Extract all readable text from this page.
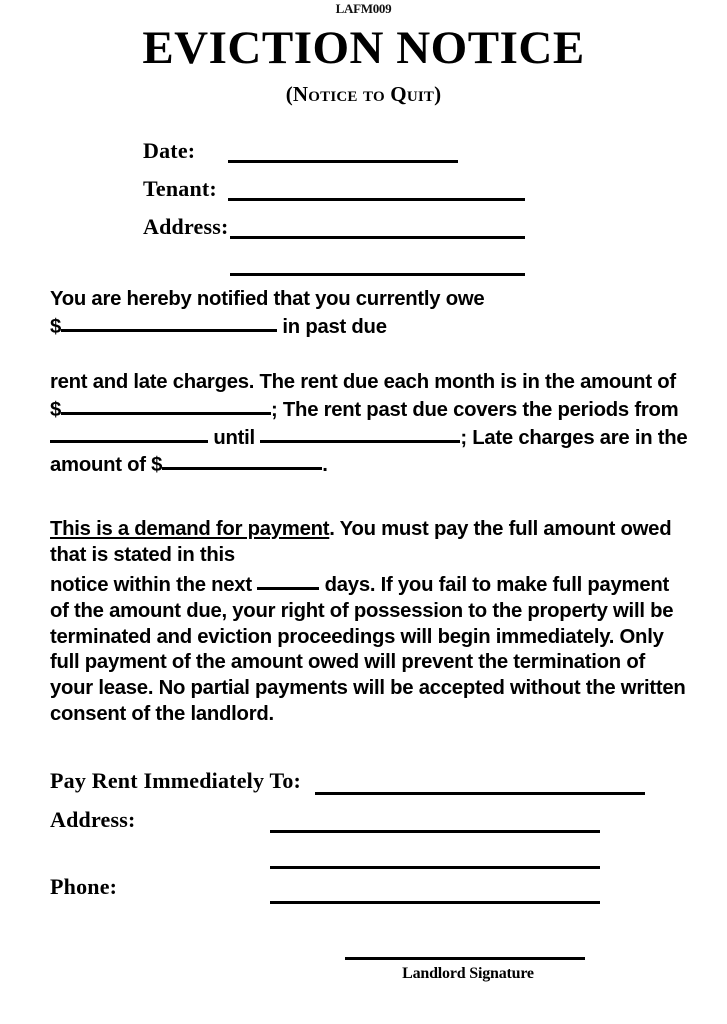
LAFM009
EVICTION NOTICE
(Notice to Quit)
Date:
Tenant:
Address:
You are hereby notified that you currently owe
$	in past due
rent and late charges. The rent due each month is in the amount of $	; The rent past due covers the periods from  until	; Late charges are in the amount of $	.
This is a demand for payment. You must pay the full amount owed that is stated in this
notice within the next	days. If you fail to make full payment of the amount due, your right of possession to the property will be terminated and eviction proceedings will begin immediately. Only full payment of the amount owed will prevent the termination of your lease. No partial payments will be accepted without the written consent of the landlord.
Pay Rent Immediately To:
Address:
Phone:
Landlord Signature
